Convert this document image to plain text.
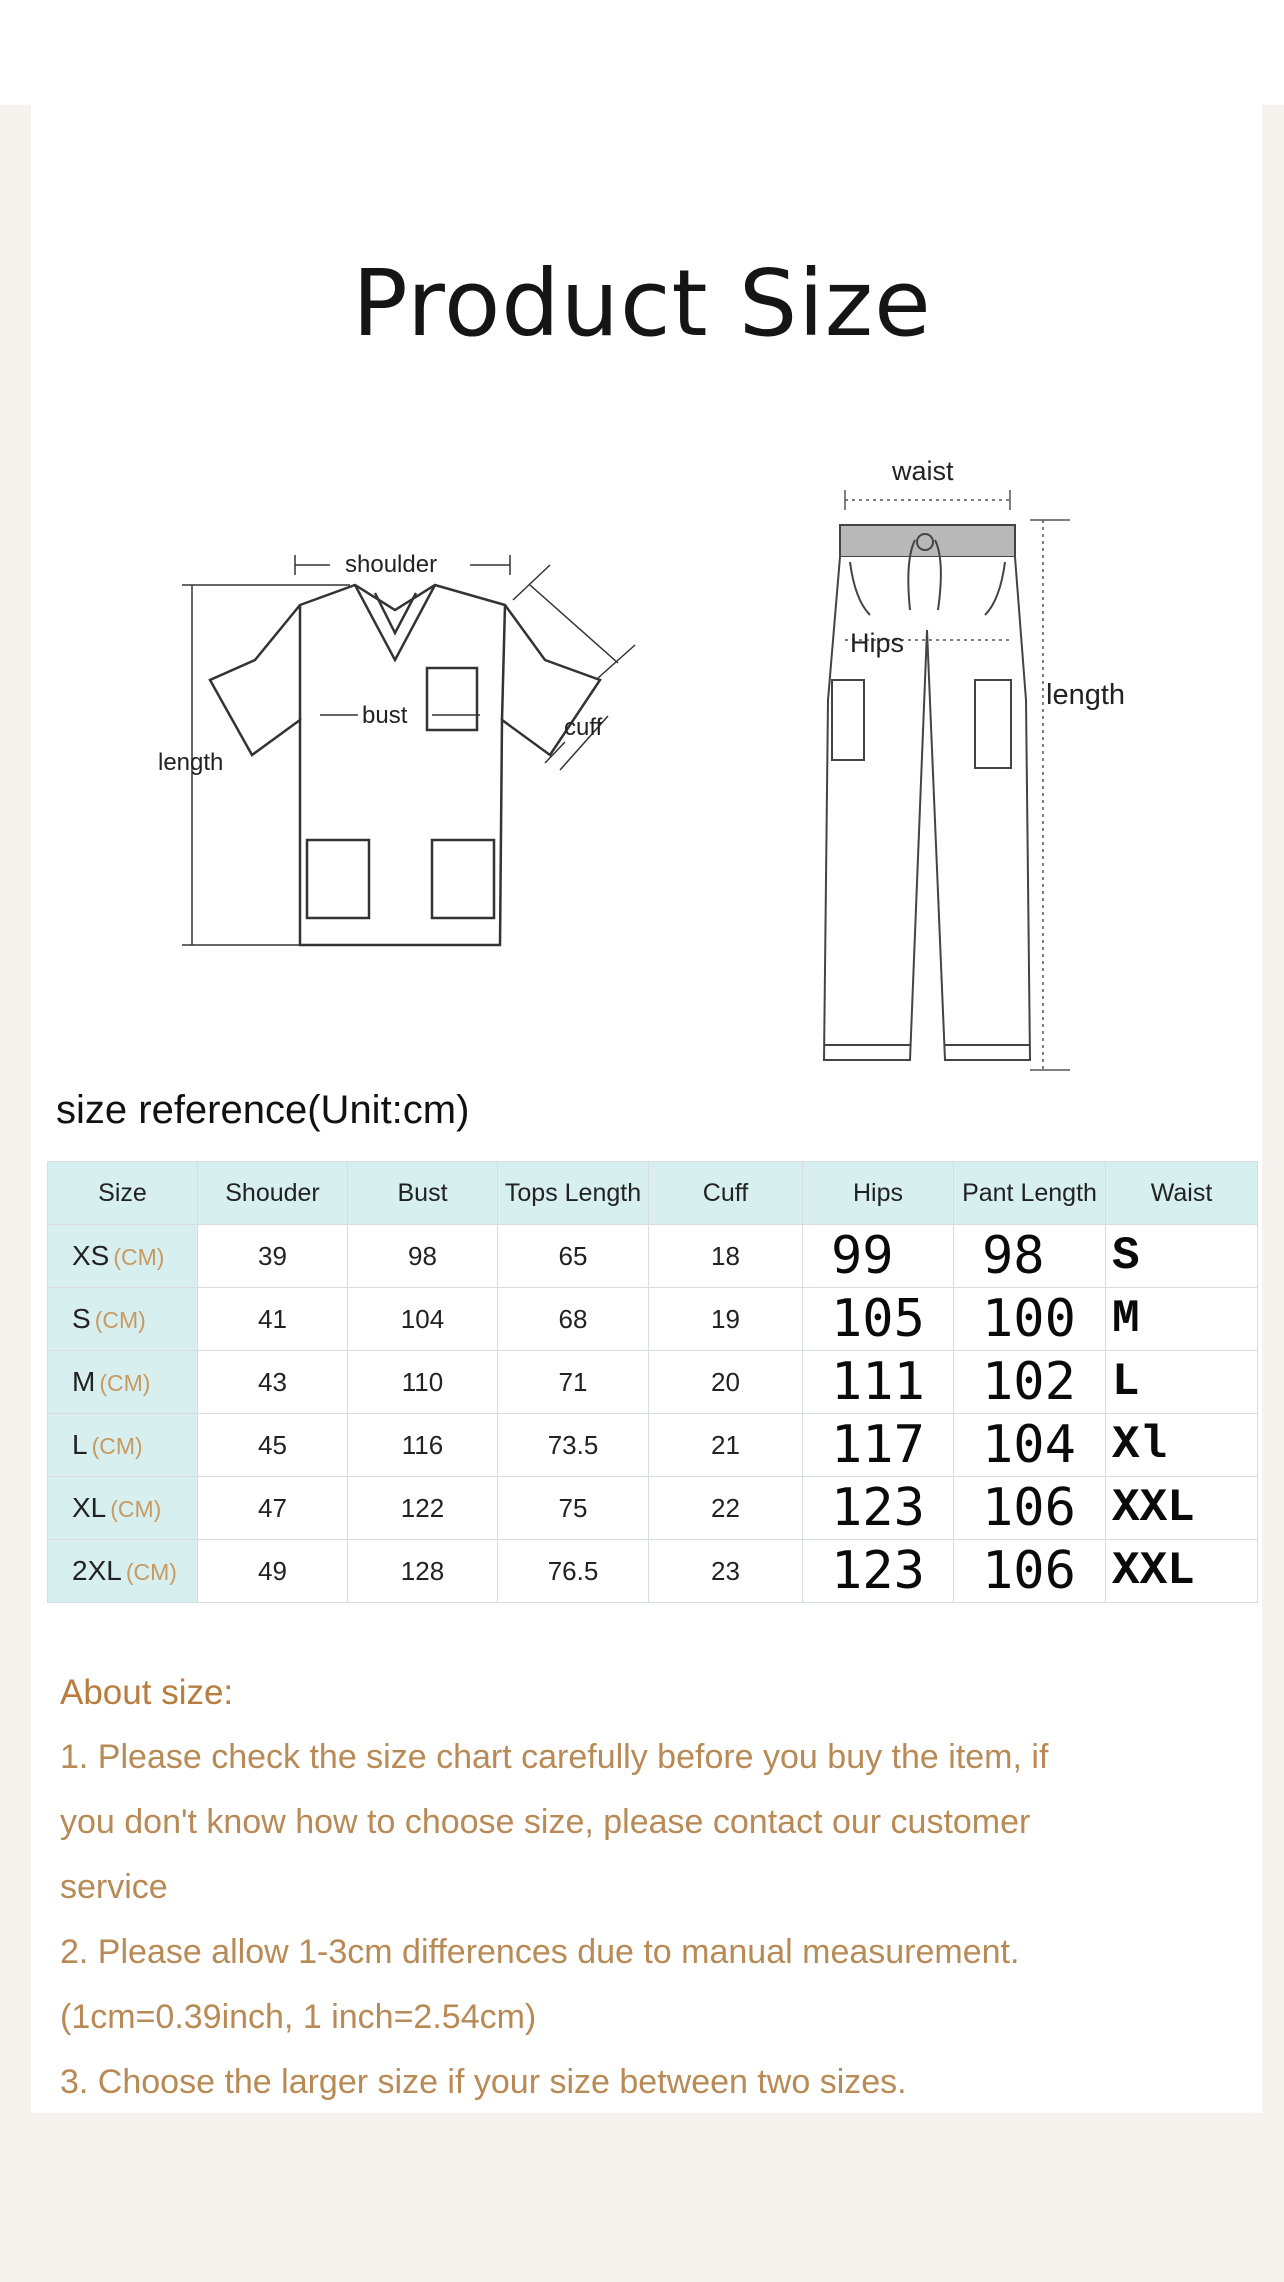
Product Size
shoulder
bust
length
cuff
waist
Hips
length
size reference(Unit:cm)
Size	Shouder	Bust	Tops Length	Cuff	Hips	Pant Length	Waist
XS (CM)	39	98	65	18	99	98	S
S (CM)	41	104	68	19	105	100	M
M (CM)	43	110	71	20	111	102	L
L (CM)	45	116	73.5	21	117	104	Xl
XL (CM)	47	122	75	22	123	106	XXL
2XL (CM)	49	128	76.5	23	123	106	XXL
About size:

1. Please check the size chart carefully before you buy the item, if

you don't know how to choose size, please contact our customer

service

2. Please allow 1-3cm differences due to manual measurement.

(1cm=0.39inch, 1 inch=2.54cm)

3. Choose the larger size if your size between two sizes.
